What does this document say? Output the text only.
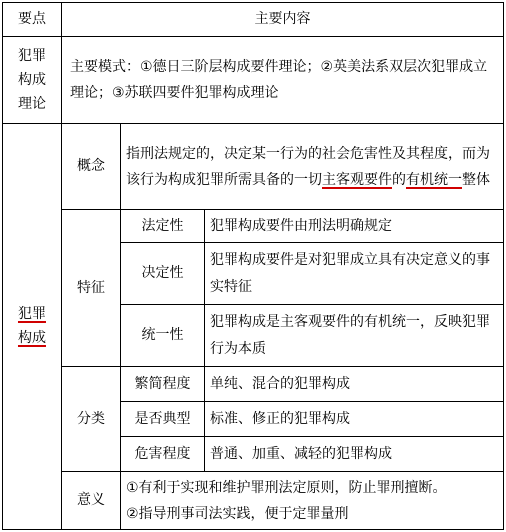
要点	主要内容		
犯罪构成理论	主要模式：①德日三阶层构成要件理论；②英美法系双层次犯罪成立理论；③苏联四要件犯罪构成理论		
犯罪构成	概念	指刑法规定的，决定某一行为的社会危害性及其程度，而为该行为构成犯罪所需具备的一切主客观要件的有机统一整体	
	特征	法定性	犯罪构成要件由刑法明确规定
		决定性	犯罪构成要件是对犯罪成立具有决定意义的事实特征
		统一性	犯罪构成是主客观要件的有机统一，反映犯罪行为本质
	分类	繁简程度	单纯、混合的犯罪构成
		是否典型	标准、修正的犯罪构成
		危害程度	普通、加重、减轻的犯罪构成
	意义	①有利于实现和维护罪刑法定原则，防止罪刑擅断。
②指导刑事司法实践，便于定罪量刑	
